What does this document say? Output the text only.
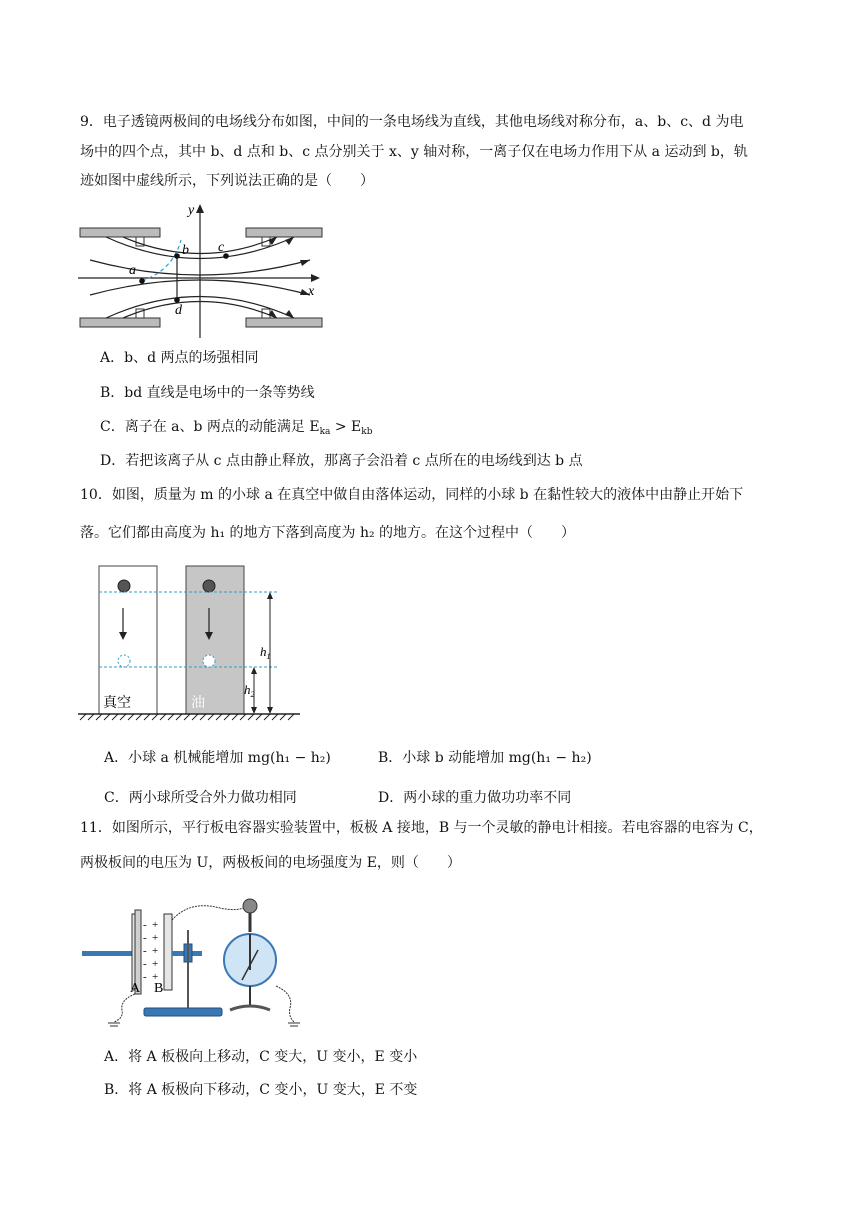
9．电子透镜两极间的电场线分布如图，中间的一条电场线为直线，其他电场线对称分布，a、b、c、d 为电
场中的四个点，其中 b、d 点和 b、c 点分别关于 x、y 轴对称，一离子仅在电场力作用下从 a 运动到 b，轨
迹如图中虚线所示，下列说法正确的是（　　）
x
y
a
b c
d
A．b、d 两点的场强相同
B．bd 直线是电场中的一条等势线
C．离子在 a、b 两点的动能满足 $E_{ka} > E_{kb}$
D．若把该离子从 c 点由静止释放，那离子会沿着 c 点所在的电场线到达 b 点
10．如图，质量为 m 的小球 a 在真空中做自由落体运动，同样的小球 b 在黏性较大的液体中由静止开始下
落。它们都由高度为 h₁ 的地方下落到高度为 h₂ 的地方。在这个过程中（　　）
$h_1$
$h_2$
真空	油
A．小球 a 机械能增加 mg(h₁ − h₂)	B．小球 b 动能增加 mg(h₁ − h₂)
C．两小球所受合外力做功相同	D．两小球的重力做功功率不同
11．如图所示，平行板电容器实验装置中，板极 A 接地，B 与一个灵敏的静电计相接。若电容器的电容为 C，
两极板间的电压为 U，两极板间的电场强度为 E，则（　　）
-
-
-
-
-
+
+
+
+
+
A B
A．将 A 板极向上移动，C 变大，U 变小，E 变小
B．将 A 板极向下移动，C 变小，U 变大，E 不变
